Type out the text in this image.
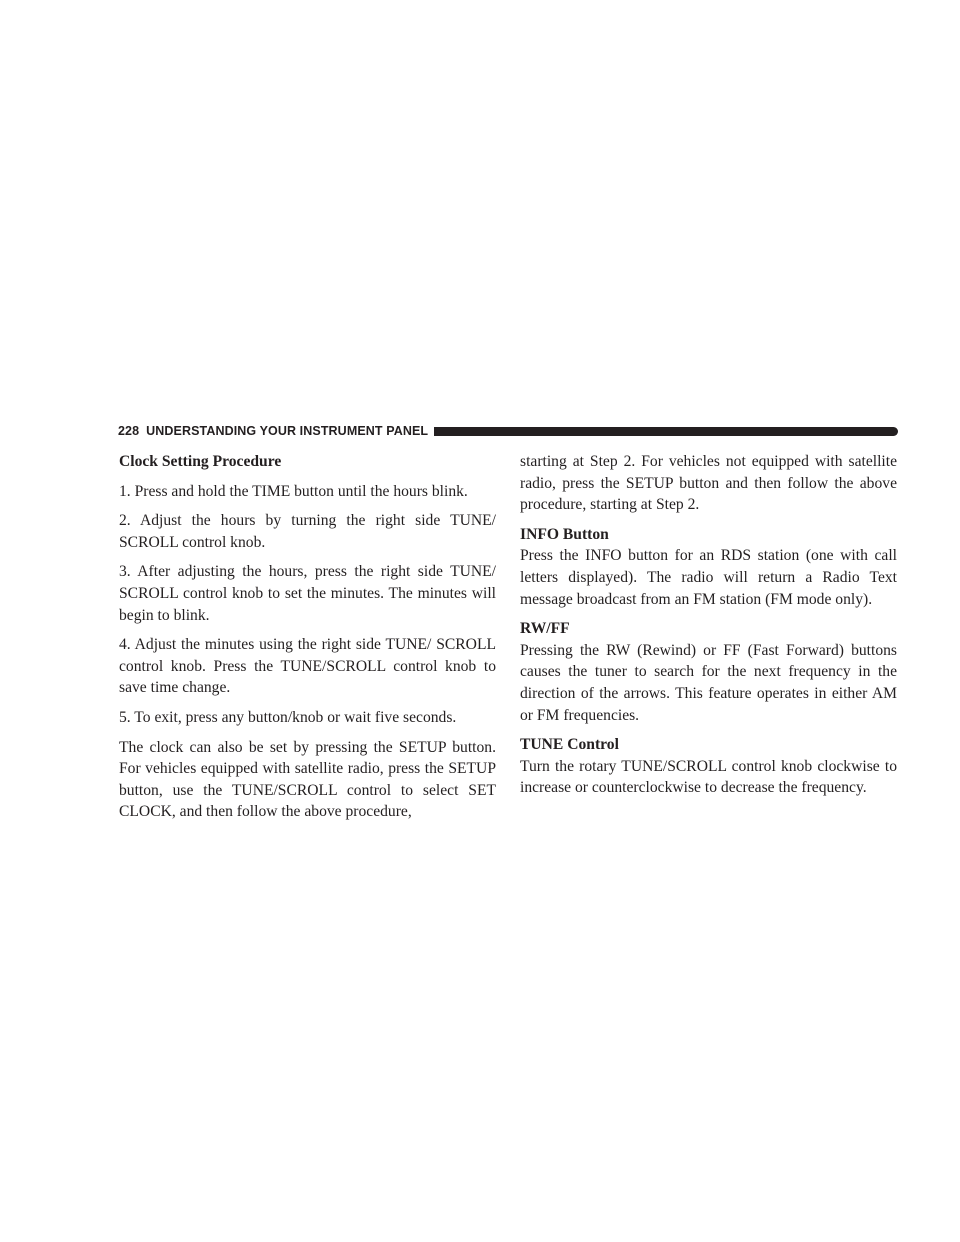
228 UNDERSTANDING YOUR INSTRUMENT PANEL
Clock Setting Procedure

1. Press and hold the TIME button until the hours blink.

2. Adjust the hours by turning the right side TUNE/ SCROLL control knob.

3. After adjusting the hours, press the right side TUNE/ SCROLL control knob to set the minutes. The minutes will begin to blink.

4. Adjust the minutes using the right side TUNE/ SCROLL control knob. Press the TUNE/SCROLL control knob to save time change.

5. To exit, press any button/knob or wait five seconds.

The clock can also be set by pressing the SETUP button. For vehicles equipped with satellite radio, press the SETUP button, use the TUNE/SCROLL control to select SET CLOCK, and then follow the above procedure,

starting at Step 2. For vehicles not equipped with satellite radio, press the SETUP button and then follow the above procedure, starting at Step 2.

INFO Button

Press the INFO button for an RDS station (one with call letters displayed). The radio will return a Radio Text message broadcast from an FM station (FM mode only).

RW/FF

Pressing the RW (Rewind) or FF (Fast Forward) buttons causes the tuner to search for the next frequency in the direction of the arrows. This feature operates in either AM or FM frequencies.

TUNE Control

Turn the rotary TUNE/SCROLL control knob clockwise to increase or counterclockwise to decrease the frequency.
